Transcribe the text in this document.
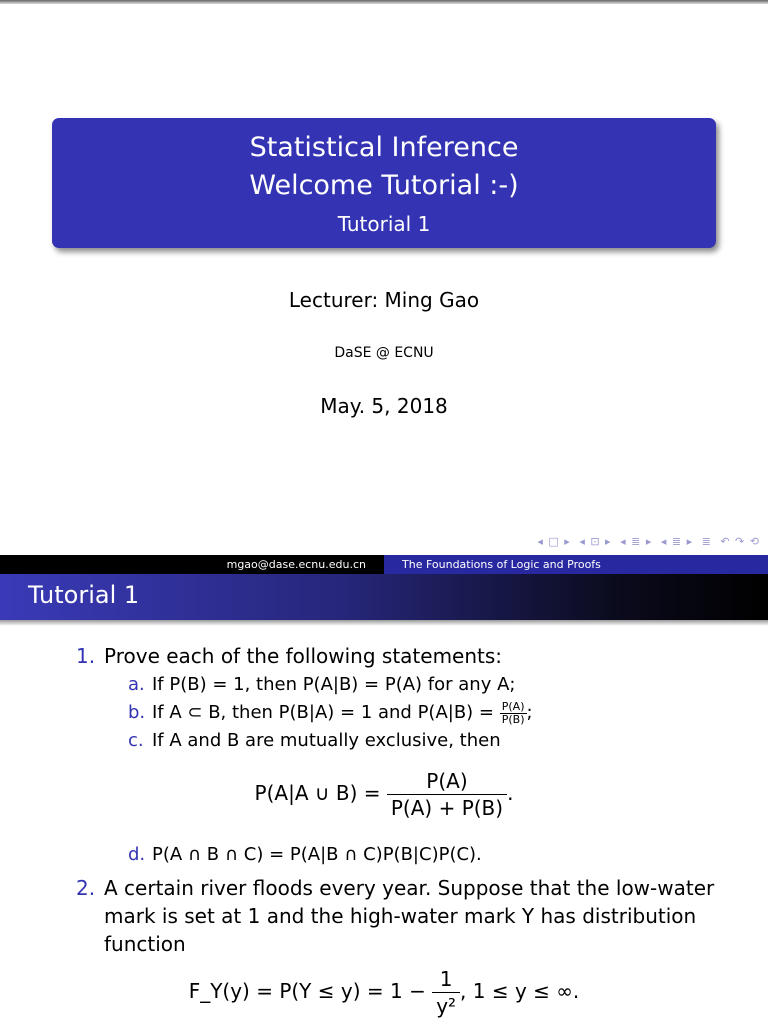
Statistical Inference
Welcome Tutorial :-)
Tutorial 1
Lecturer: Ming Gao
DaSE @ ECNU
May. 5, 2018
◂ □ ▸ ◂ ⊡ ▸ ◂ ≣ ▸ ◂ ≣ ▸ ≣ ↶ ↷ ⟲
mgao@dase.ecnu.edu.cn	The Foundations of Logic and Proofs
Tutorial 1
1. Prove each of the following statements:
a. If P(B) = 1, then P(A|B) = P(A) for any A;
b. If A ⊂ B, then P(B|A) = 1 and $P(A|B) = \frac{P(A)}{P(B)}$ ;
c. If A and B are mutually exclusive, then
P(A|A ∪ $B) = \frac{P(A)}{P(A) + P(B)}$ .
d. P(A ∩ B ∩ C) = P(A|B ∩ C)P(B|C)P(C).
2. A certain river floods every year. Suppose that the low-water
mark is set at 1 and the high-water mark Y has distribution
function
F_Y(y) = $P(Y \le y) = 1 - \frac{1}{\text{y²}}$ , 1 ≤ y ≤ ∞.
